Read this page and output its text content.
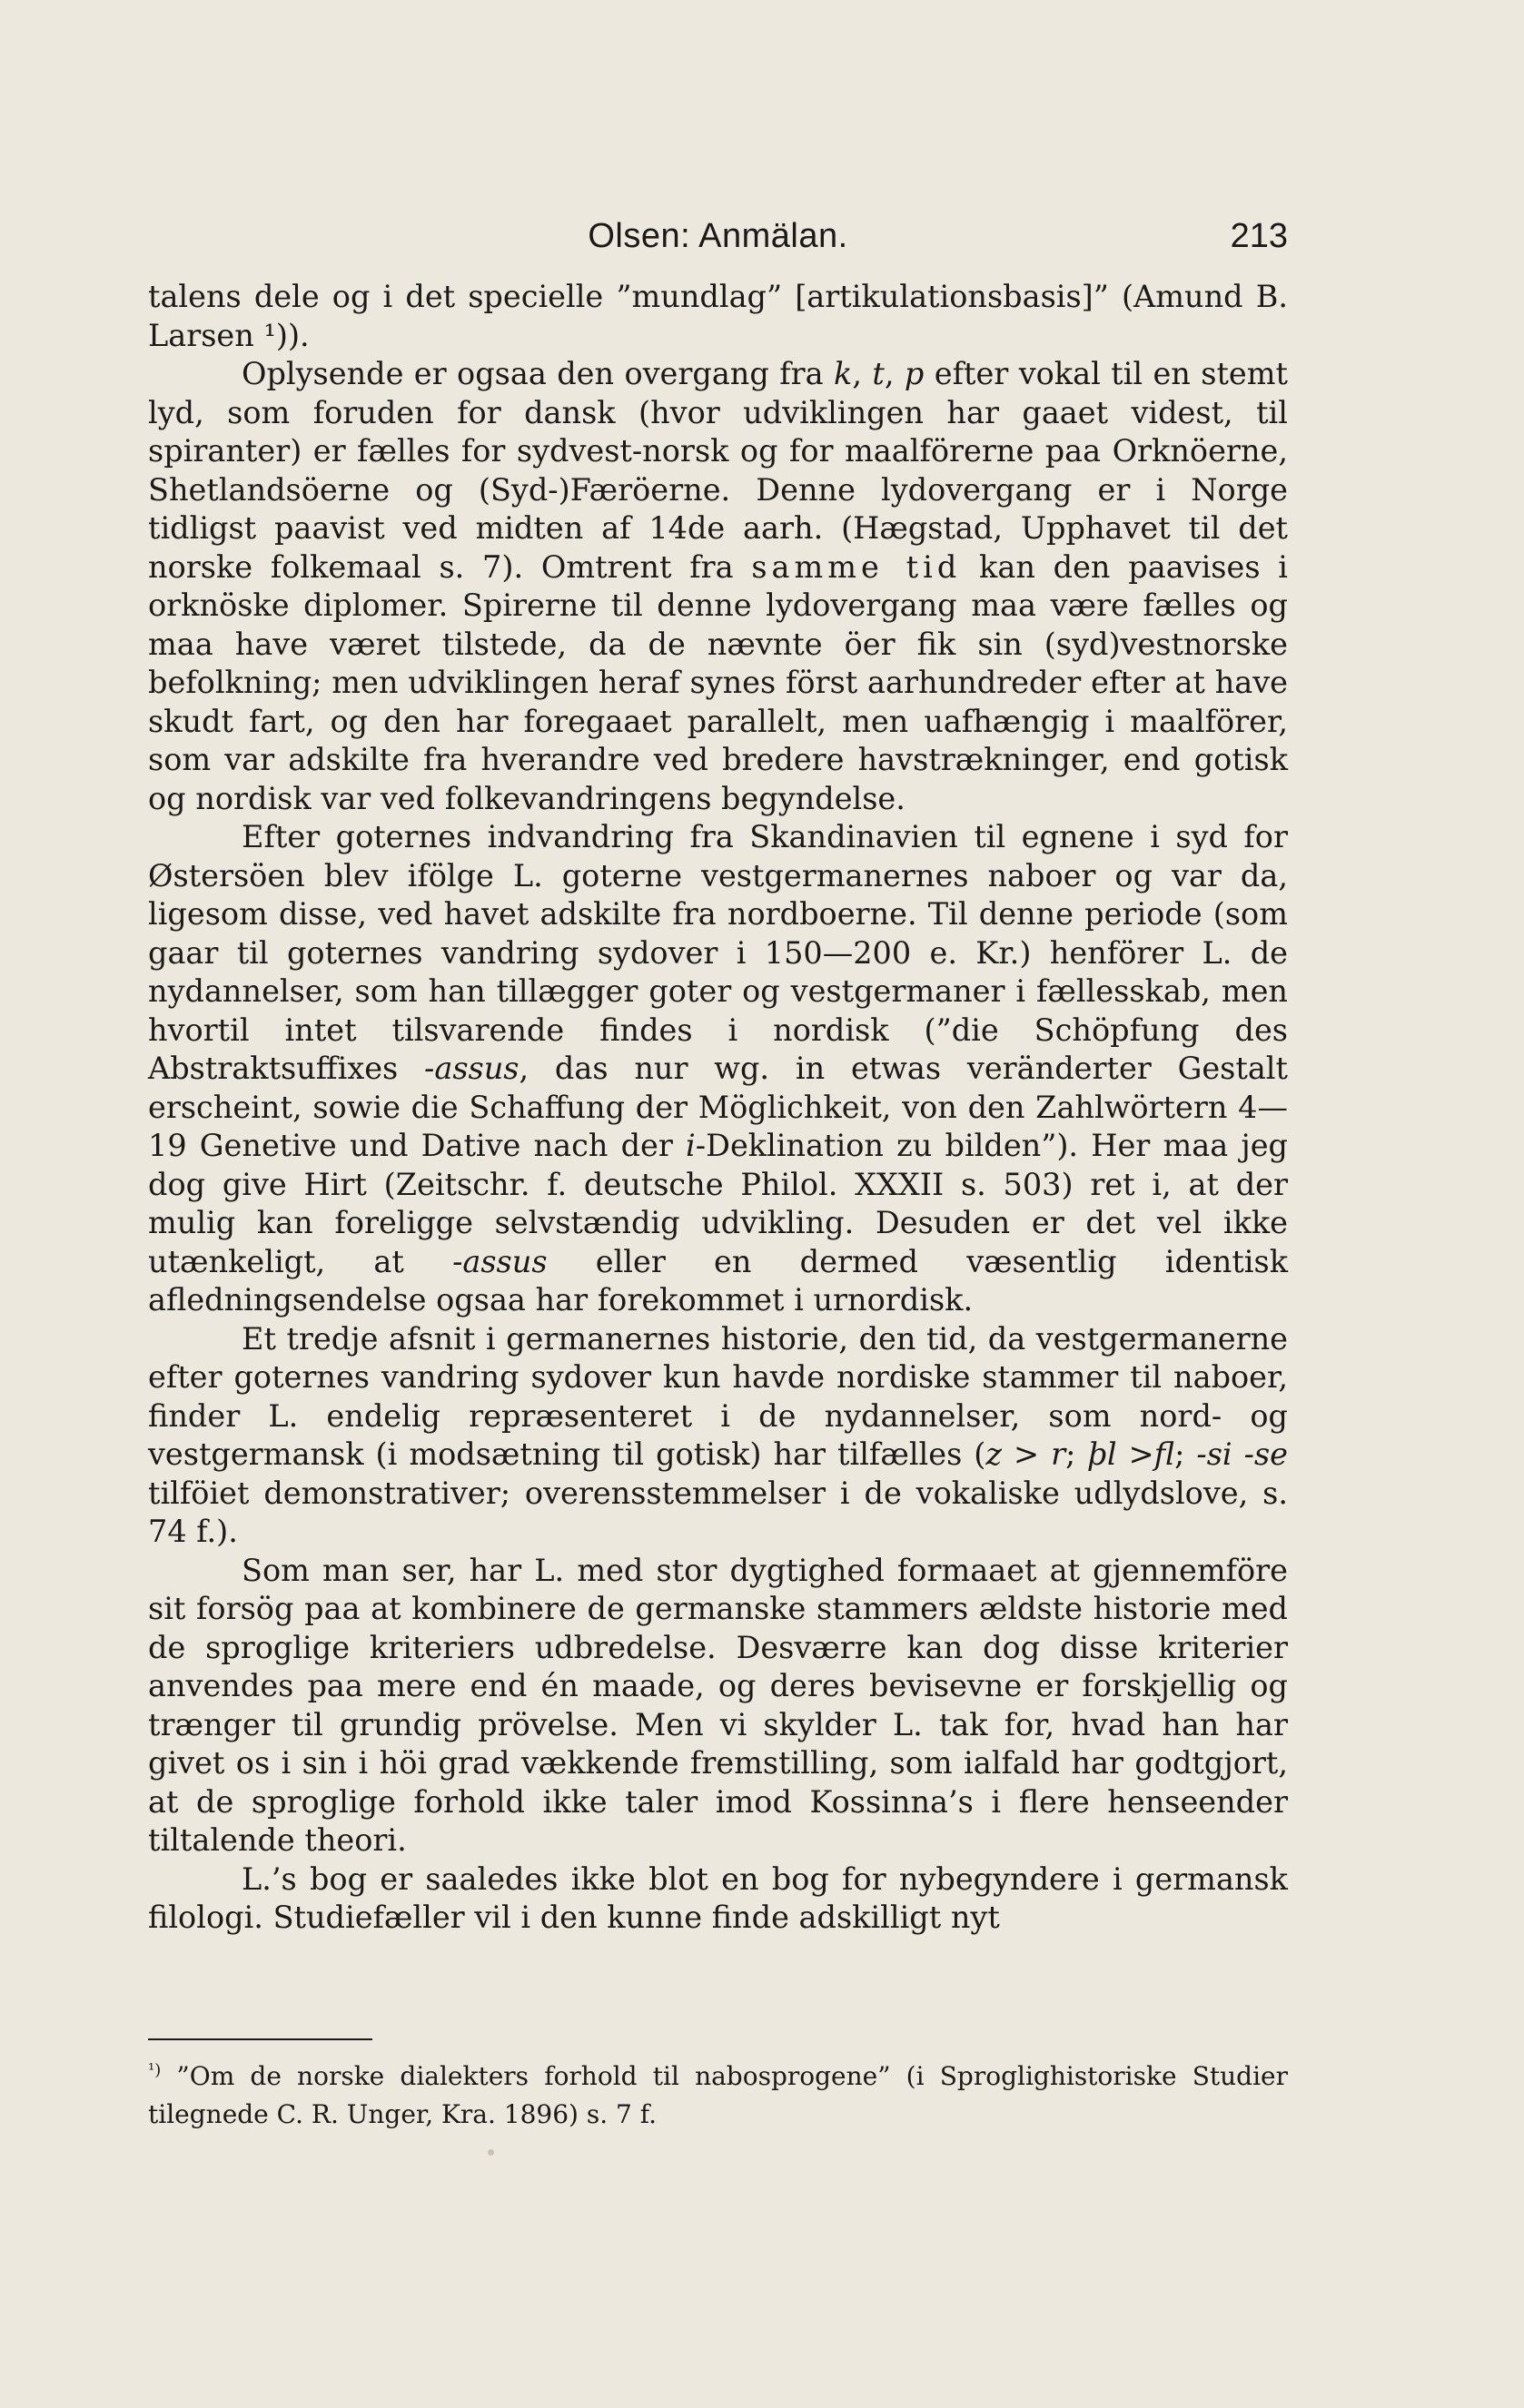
Olsen: Anmälan.	213

talens dele og i det specielle ”mundlag” [artikulationsbasis]” (Amund B. Larsen ¹)).

Oplysende er ogsaa den overgang fra k, t, p efter vokal til en stemt lyd, som foruden for dansk (hvor udviklingen har gaaet videst, til spiranter) er fælles for sydvest-norsk og for maalförerne paa Orknöerne, Shetlandsöerne og (Syd-)Færöerne. Denne lydovergang er i Norge tidligst paavist ved midten af 14de aarh. (Hægstad, Upphavet til det norske folkemaal s. 7). Omtrent fra samme tid kan den paavises i orknöske diplomer. Spirerne til denne lydovergang maa være fælles og maa have været tilstede, da de nævnte öer fik sin (syd)vestnorske befolkning; men udviklingen heraf synes först aarhundreder efter at have skudt fart, og den har foregaaet parallelt, men uafhængig i maalförer, som var adskilte fra hverandre ved bredere havstrækninger, end gotisk og nordisk var ved folkevandringens begyndelse.

Efter goternes indvandring fra Skandinavien til egnene i syd for Østersöen blev ifölge L. goterne vestgermanernes naboer og var da, ligesom disse, ved havet adskilte fra nordboerne. Til denne periode (som gaar til goternes vandring sydover i 150—200 e. Kr.) henförer L. de nydannelser, som han tillægger goter og vestgermaner i fællesskab, men hvortil intet tilsvarende findes i nordisk (”die Schöpfung des Abstraktsuffixes -assus, das nur wg. in etwas veränderter Gestalt erscheint, sowie die Schaffung der Möglichkeit, von den Zahlwörtern 4—19 Genetive und Dative nach der i-Deklination zu bilden”). Her maa jeg dog give Hirt (Zeitschr. f. deutsche Philol. XXXII s. 503) ret i, at der mulig kan foreligge selvstændig udvikling. Desuden er det vel ikke utænkeligt, at -assus eller en dermed væsentlig identisk afledningsendelse ogsaa har forekommet i urnordisk.

Et tredje afsnit i germanernes historie, den tid, da vestgermanerne efter goternes vandring sydover kun havde nordiske stammer til naboer, finder L. endelig repræsenteret i de nydannelser, som nord- og vestgermansk (i modsætning til gotisk) har tilfælles (z > r; þl >fl; -si -se tilföiet demonstrativer; overensstemmelser i de vokaliske udlydslove, s. 74 f.).

Som man ser, har L. med stor dygtighed formaaet at gjennemföre sit forsög paa at kombinere de germanske stammers ældste historie med de sproglige kriteriers udbredelse. Desværre kan dog disse kriterier anvendes paa mere end én maade, og deres bevisevne er forskjellig og trænger til grundig prövelse. Men vi skylder L. tak for, hvad han har givet os i sin i höi grad vækkende fremstilling, som ialfald har godtgjort, at de sproglige forhold ikke taler imod Kossinna’s i flere henseender tiltalende theori.

L.’s bog er saaledes ikke blot en bog for nybegyndere i germansk filologi. Studiefæller vil i den kunne finde adskilligt nyt

$^{^1)}$ ”Om de norske dialekters forhold til nabosprogene” (i Sproglighistoriske Studier tilegnede C. R. Unger, Kra. 1896) s. 7 f.
